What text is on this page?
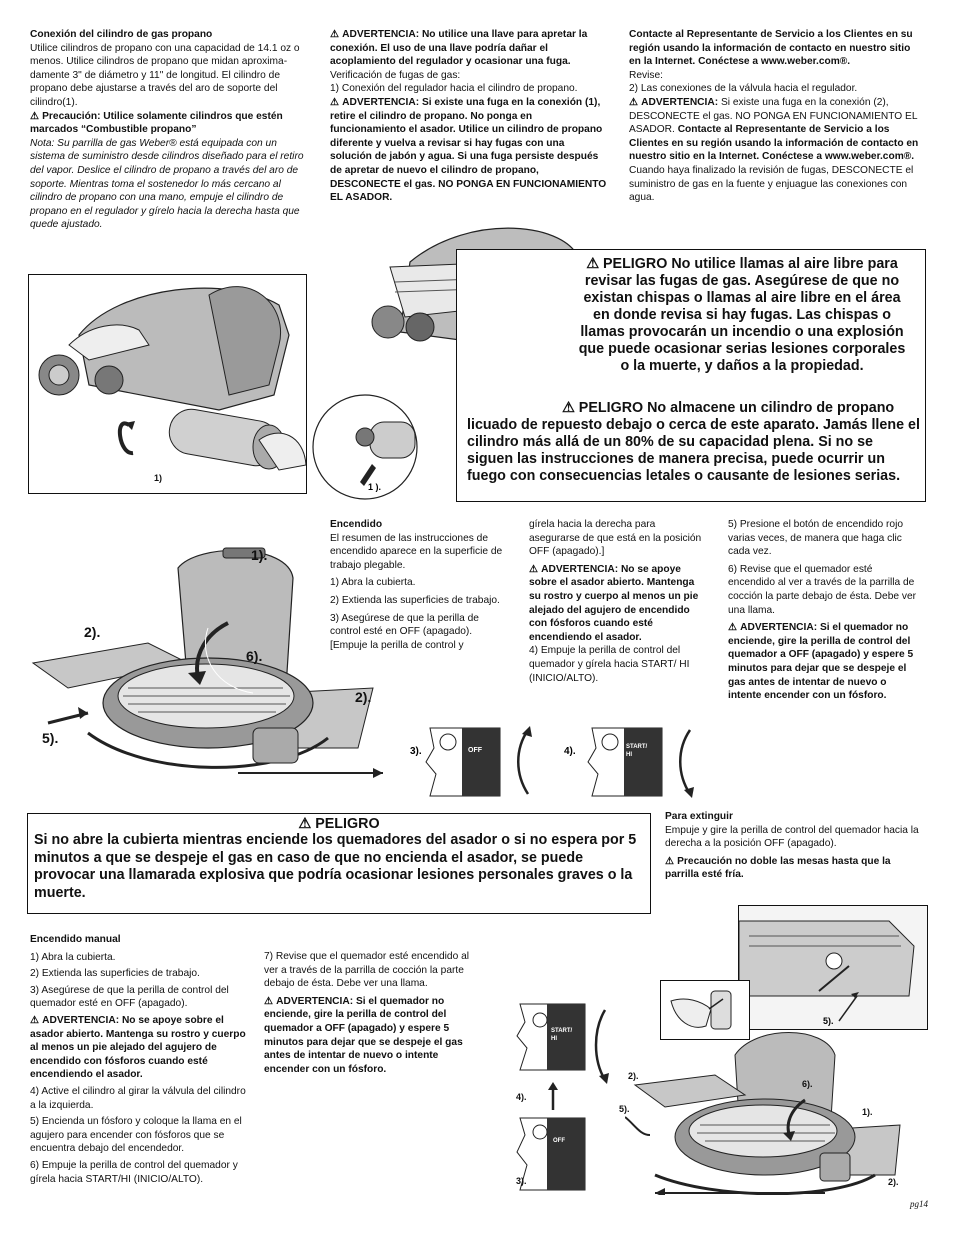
Conexión del cilindro de gas propano

Utilice cilindros de propano con una capacidad de 14.1 oz o menos. Utilice cilindros de propano que midan aproxima-damente 3" de diámetro y 11" de longitud. El cilindro de propano debe ajustarse a través del aro de soporte del cilindro(1).

⚠ Precaución: Utilice solamente cilindros que estén marcados “Combustible propano”

Nota: Su parrilla de gas Weber® está equipada con un sistema de suministro desde cilindros diseñado para el retiro del vapor. Deslice el cilindro de propano a través del aro de soporte. Mientras toma el sostenedor lo más cercano al cilindro de propano con una mano, empuje el cilindro de propano en el regulador y gírelo hacia la derecha hasta que quede ajustado.

⚠ ADVERTENCIA: No utilice una llave para apretar la conexión. El uso de una llave podría dañar el acoplamiento del regulador y ocasionar una fuga.

Verificación de fugas de gas:

1) Conexión del regulador hacia el cilindro de propano.

⚠ ADVERTENCIA: Si existe una fuga en la conexión (1), retire el cilindro de propano. No ponga en funcionamiento el asador. Utilice un cilindro de propano diferente y vuelva a revisar si hay fugas con una solución de jabón y agua. Si una fuga persiste después de apretar de nuevo el cilindro de propano, DESCONECTE el gas. NO PONGA EN FUNCIONAMIENTO EL ASADOR.

Contacte al Representante de Servicio a los Clientes en su región usando la información de contacto en nuestro sitio en la Internet. Conéctese a www.weber.com®.

Revise:

2) Las conexiones de la válvula hacia el regulador.

⚠ ADVERTENCIA: Si existe una fuga en la conexión (2), DESCONECTE el gas. NO PONGA EN FUNCIONAMIENTO EL ASADOR. Contacte al Representante de Servicio a los Clientes en su región usando la información de contacto en nuestro sitio en la Internet. Conéctese a www.weber.com®.

Cuando haya finalizado la revisión de fugas, DESCONECTE el suministro de gas en la fuente y enjuague las conexiones con agua.

1)
1 ).
⚠ PELIGRO No utilice llamas al aire libre para revisar las fugas de gas. Asegúrese de que no existan chispas o llamas al aire libre en el área en donde revisa si hay fugas. Las chispas o llamas provocarán un incendio o una explosión que puede ocasionar serias lesiones corporales o la muerte, y daños a la propiedad.
⚠ PELIGRO No almacene un cilindro de propano licuado de repuesto debajo o cerca de este aparato. Jamás llene el cilindro más allá de un 80% de su capacidad plena. Si no se siguen las instrucciones de manera precisa, puede ocurrir un fuego con consecuencias letales o causante de lesiones serias.
1).
2).
6).
2).
5).

Encendido

El resumen de las instrucciones de encendido aparece en la superficie de trabajo plegable.

1) Abra la cubierta.

2) Extienda las superficies de trabajo.

3) Asegúrese de que la perilla de control esté en OFF (apagado). [Empuje la perilla de control y

gírela hacia la derecha para asegurarse de que está en la posición OFF (apagado).]

⚠ ADVERTENCIA: No se apoye sobre el asador abierto. Mantenga su rostro y cuerpo al menos un pie alejado del agujero de encendido con fósforos cuando esté encendiendo el asador.

4) Empuje la perilla de control del quemador y gírela hacia START/ HI (INICIO/ALTO).

5) Presione el botón de encendido rojo varias veces, de manera que haga clic cada vez.

6) Revise que el quemador esté encendido al ver a través de la parrilla de cocción la parte debajo de ésta. Debe ver una llama.

⚠ ADVERTENCIA: Si el quemador no enciende, gire la perilla de control del quemador a OFF (apagado) y espere 5 minutos para dejar que se despeje el gas antes de intentar de nuevo o intente encender con un fósforo.

OFF
3).	START/
HI
4).
⚠ PELIGRO
Si no abre la cubierta mientras enciende los quemadores del asador o si no espera por 5 minutos a que se despeje el gas en caso de que no encienda el asador, se puede provocar una llamarada explosiva que podría ocasionar lesiones personales graves o la muerte.

Para extinguir

Empuje y gire la perilla de control del quemador hacia la derecha a la posición OFF (apagado).

⚠ Precaución no doble las mesas hasta que la parrilla esté fría.

Encendido manual

1) Abra la cubierta.

2) Extienda las superficies de trabajo.

3) Asegúrese de que la perilla de control del quemador esté en OFF (apagado).

⚠ ADVERTENCIA: No se apoye sobre el asador abierto. Mantenga su rostro y cuerpo al menos un pie alejado del agujero de encendido con fósforos cuando esté encendiendo el asador.

4) Active el cilindro al girar la válvula del cilindro a la izquierda.

5) Encienda un fósforo y coloque la llama en el agujero para encender con fósforos que se encuentra debajo del encendedor.

6) Empuje la perilla de control del quemador y gírela hacia START/HI (INICIO/ALTO).

7) Revise que el quemador esté encendido al ver a través de la parrilla de cocción la parte debajo de ésta. Debe ver una llama.

⚠ ADVERTENCIA: Si el quemador no enciende, gire la perilla de control del quemador a OFF (apagado) y espere 5 minutos para dejar que se despeje el gas antes de intentar de nuevo o intente encender con un fósforo.

START/
HI
OFF
4).
3).
5).
2).
5).
6).
1).
2).
pg14
